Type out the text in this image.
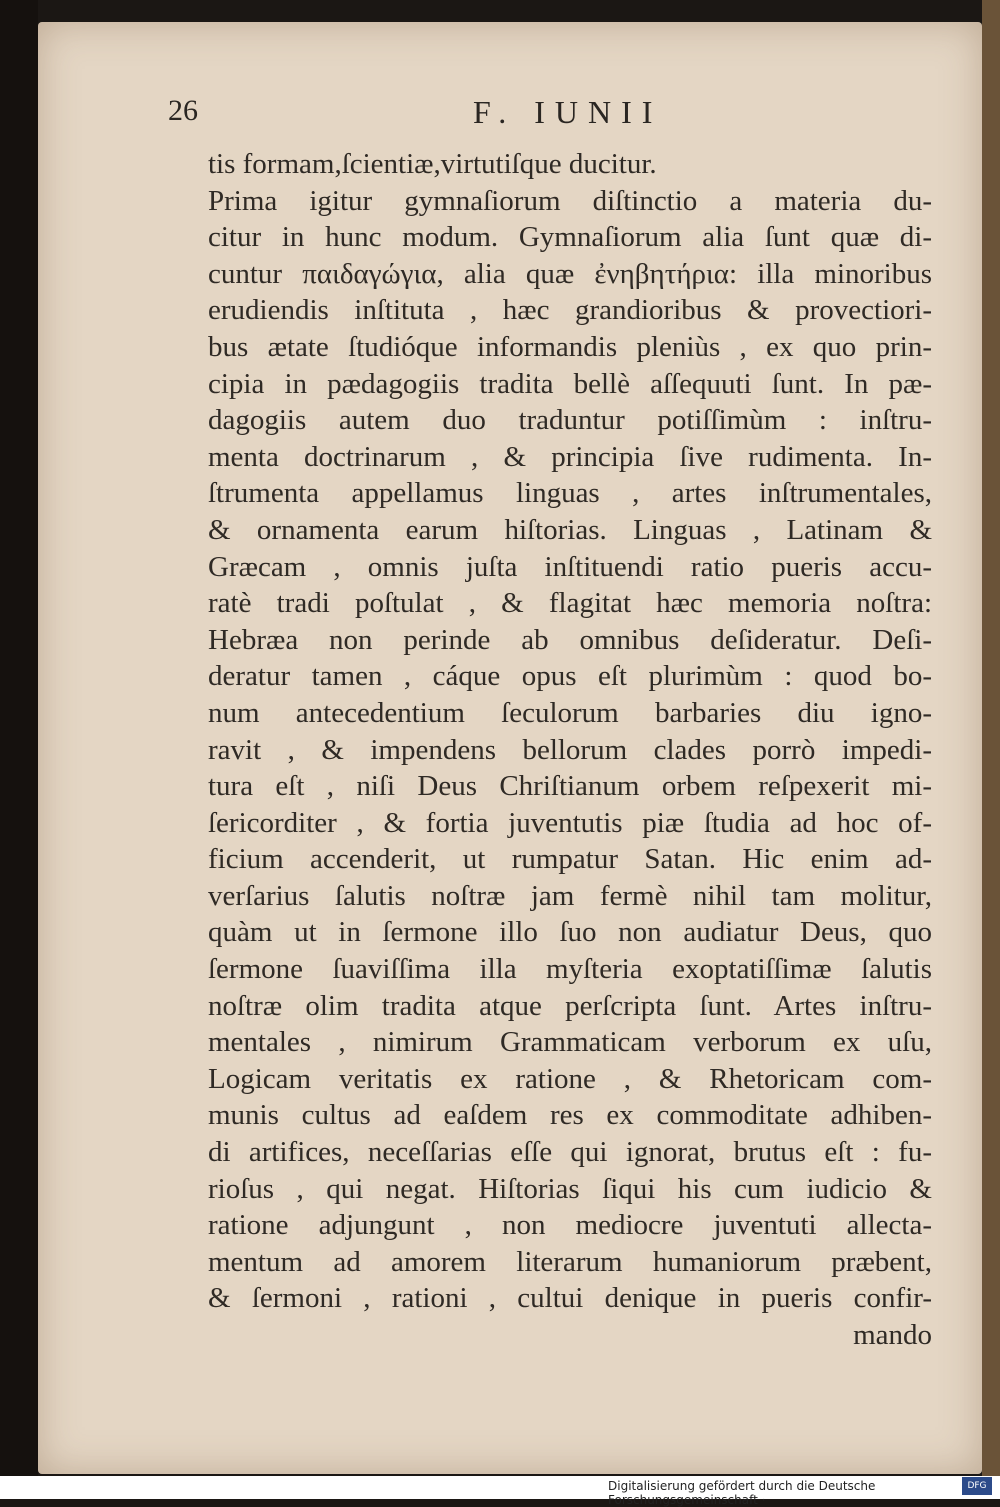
26	F. IUNII
tis formam,ſcientiæ,virtutiſque ducitur.
Prima igitur gymnaſiorum diſtinctio a materia du-
citur in hunc modum. Gymnaſiorum alia ſunt quæ di-
cuntur παιδαγώγια, alia quæ ἐνηβητήρια: illa minoribus
erudiendis inſtituta , hæc grandioribus & provectiori-
bus ætate ſtudióque informandis pleniùs , ex quo prin-
cipia in pædagogiis tradita bellè aſſequuti ſunt. In pæ-
dagogiis autem duo traduntur potiſſimùm : inſtru-
menta doctrinarum , & principia ſive rudimenta. In-
ſtrumenta appellamus linguas , artes inſtrumentales,
& ornamenta earum hiſtorias. Linguas , Latinam &
Græcam , omnis juſta inſtituendi ratio pueris accu-
ratè tradi poſtulat , & flagitat hæc memoria noſtra:
Hebræa non perinde ab omnibus deſideratur. Deſi-
deratur tamen , cáque opus eſt plurimùm : quod bo-
num antecedentium ſeculorum barbaries diu igno-
ravit , & impendens bellorum clades porrò impedi-
tura eſt , niſi Deus Chriſtianum orbem reſpexerit mi-
ſericorditer , & fortia juventutis piæ ſtudia ad hoc of-
ficium accenderit, ut rumpatur Satan. Hic enim ad-
verſarius ſalutis noſtræ jam fermè nihil tam molitur,
quàm ut in ſermone illo ſuo non audiatur Deus, quo
ſermone ſuaviſſima illa myſteria exoptatiſſimæ ſalutis
noſtræ olim tradita atque perſcripta ſunt. Artes inſtru-
mentales , nimirum Grammaticam verborum ex uſu,
Logicam veritatis ex ratione , & Rhetoricam com-
munis cultus ad eaſdem res ex commoditate adhiben-
di artifices, neceſſarias eſſe qui ignorat, brutus eſt : fu-
rioſus , qui negat. Hiſtorias ſiqui his cum iudicio &
ratione adjungunt , non mediocre juventuti allecta-
mentum ad amorem literarum humaniorum præbent,
& ſermoni , rationi , cultui denique in pueris confir-
mando
Digitalisierung gefördert durch die Deutsche Forschungsgemeinschaft ·
DFG
